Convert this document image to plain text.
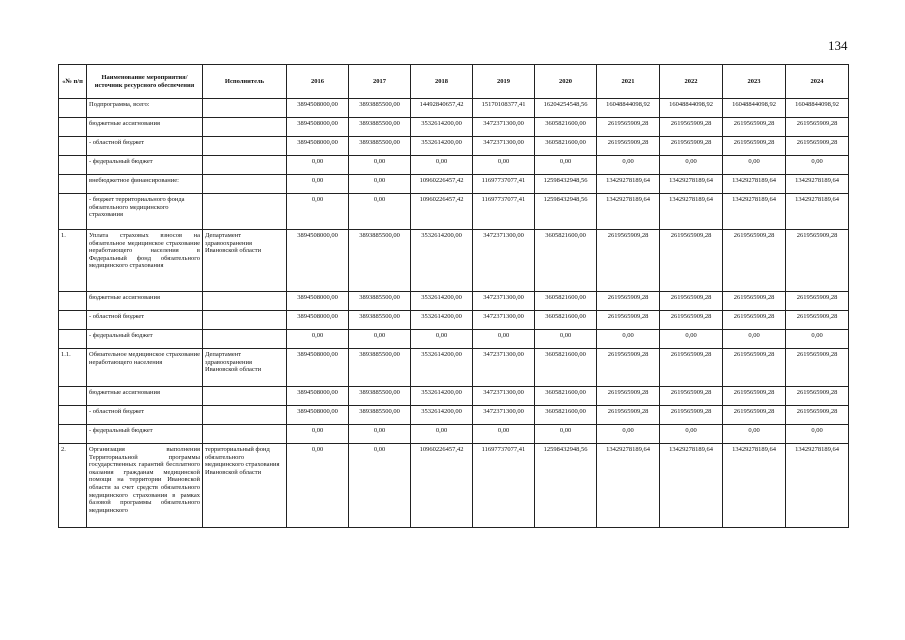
134
«№ п/п	Наименование мероприятия/источник ресурсного обеспечения	Исполнитель	2016	2017	2018	2019	2020	2021	2022	2023	2024
	Подпрограмма, всего:		3894508000,00	3893885500,00	14492840657,42	15170108377,41	16204254548,56	16048844098,92	16048844098,92	16048844098,92	16048844098,92
	бюджетные ассигнования		3894508000,00	3893885500,00	3532614200,00	3472371300,00	3605821600,00	2619565909,28	2619565909,28	2619565909,28	2619565909,28
	- областной бюджет		3894508000,00	3893885500,00	3532614200,00	3472371300,00	3605821600,00	2619565909,28	2619565909,28	2619565909,28	2619565909,28
	- федеральный бюджет		0,00	0,00	0,00	0,00	0,00	0,00	0,00	0,00	0,00
	внебюджетное финансирование:		0,00	0,00	10960226457,42	11697737077,41	12598432948,56	13429278189,64	13429278189,64	13429278189,64	13429278189,64
	- бюджет территориального фонда обязательного медицинского страхования		0,00	0,00	10960226457,42	11697737077,41	12598432948,56	13429278189,64	13429278189,64	13429278189,64	13429278189,64
1.	Уплата страховых взносов на обязательное медицинское страхование неработающего населения в Федеральный фонд обязательного медицинского страхования	Департамент здравоохранения Ивановской области	3894508000,00	3893885500,00	3532614200,00	3472371300,00	3605821600,00	2619565909,28	2619565909,28	2619565909,28	2619565909,28
	бюджетные ассигнования		3894508000,00	3893885500,00	3532614200,00	3472371300,00	3605821600,00	2619565909,28	2619565909,28	2619565909,28	2619565909,28
	- областной бюджет		3894508000,00	3893885500,00	3532614200,00	3472371300,00	3605821600,00	2619565909,28	2619565909,28	2619565909,28	2619565909,28
	- федеральный бюджет		0,00	0,00	0,00	0,00	0,00	0,00	0,00	0,00	0,00
1.1.	Обязательное медицинское страхование неработающего населения	Департамент здравоохранения Ивановской области	3894508000,00	3893885500,00	3532614200,00	3472371300,00	3605821600,00	2619565909,28	2619565909,28	2619565909,28	2619565909,28
	бюджетные ассигнования		3894508000,00	3893885500,00	3532614200,00	3472371300,00	3605821600,00	2619565909,28	2619565909,28	2619565909,28	2619565909,28
	- областной бюджет		3894508000,00	3893885500,00	3532614200,00	3472371300,00	3605821600,00	2619565909,28	2619565909,28	2619565909,28	2619565909,28
	- федеральный бюджет		0,00	0,00	0,00	0,00	0,00	0,00	0,00	0,00	0,00
2.	Организация выполнения Территориальной программы государственных гарантий бесплатного оказания гражданам медицинской помощи на территории Ивановской области за счет средств обязательного медицинского страхования в рамках базовой программы обязательного медицинского	территориальный фонд обязательного медицинского страхования Ивановской области	0,00	0,00	10960226457,42	11697737077,41	12598432948,56	13429278189,64	13429278189,64	13429278189,64	13429278189,64
